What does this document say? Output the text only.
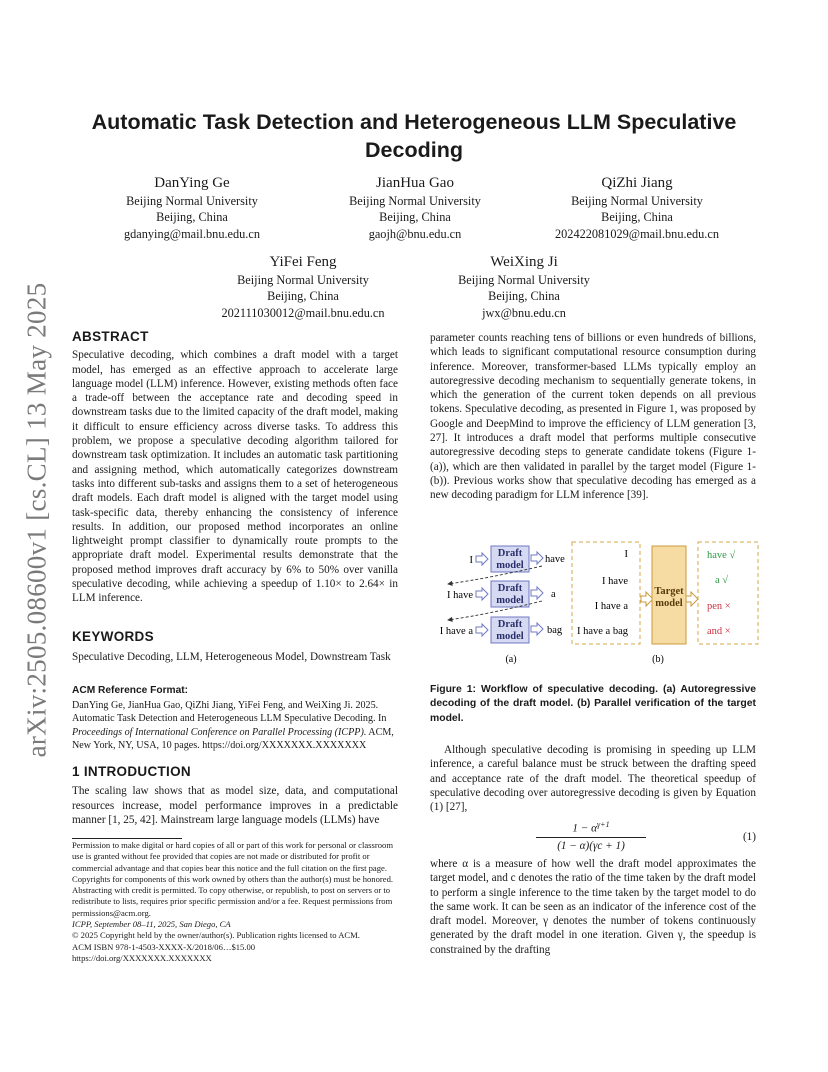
arXiv:2505.08600v1 [cs.CL] 13 May 2025
Automatic Task Detection and Heterogeneous LLM Speculative Decoding
DanYing Ge
Beijing Normal University
Beijing, China
gdanying@mail.bnu.edu.cn
JianHua Gao
Beijing Normal University
Beijing, China
gaojh@bnu.edu.cn
QiZhi Jiang
Beijing Normal University
Beijing, China
202422081029@mail.bnu.edu.cn
YiFei Feng
Beijing Normal University
Beijing, China
202111030012@mail.bnu.edu.cn
WeiXing Ji
Beijing Normal University
Beijing, China
jwx@bnu.edu.cn
ABSTRACT

Speculative decoding, which combines a draft model with a target model, has emerged as an effective approach to accelerate large language model (LLM) inference. However, existing methods often face a trade-off between the acceptance rate and decoding speed in downstream tasks due to the limited capacity of the draft model, making it difficult to ensure efficiency across diverse tasks. To address this problem, we propose a speculative decoding algorithm tailored for downstream task optimization. It includes an automatic task partitioning and assigning method, which automatically categorizes downstream tasks into different sub-tasks and assigns them to a set of heterogeneous draft models. Each draft model is aligned with the target model using task-specific data, thereby enhancing the consistency of inference results. In addition, our proposed method incorporates an online lightweight prompt classifier to dynamically route prompts to the appropriate draft model. Experimental results demonstrate that the proposed method improves draft accuracy by 6% to 50% over vanilla speculative decoding, while achieving a speedup of 1.10× to 2.64× in LLM inference.

KEYWORDS

Speculative Decoding, LLM, Heterogeneous Model, Downstream Task

ACM Reference Format:

DanYing Ge, JianHua Gao, QiZhi Jiang, YiFei Feng, and WeiXing Ji. 2025. Automatic Task Detection and Heterogeneous LLM Speculative Decoding. In Proceedings of International Conference on Parallel Processing (ICPP). ACM, New York, NY, USA, 10 pages. https://doi.org/XXXXXXX.XXXXXXX

1 INTRODUCTION

The scaling law shows that as model size, data, and computational resources increase, model performance improves in a predictable manner [1, 25, 42]. Mainstream large language models (LLMs) have

Permission to make digital or hard copies of all or part of this work for personal or classroom use is granted without fee provided that copies are not made or distributed for profit or commercial advantage and that copies bear this notice and the full citation on the first page. Copyrights for components of this work owned by others than the author(s) must be honored. Abstracting with credit is permitted. To copy otherwise, or republish, to post on servers or to redistribute to lists, requires prior specific permission and/or a fee. Request permissions from permissions@acm.org.

ICPP, September 08–11, 2025, San Diego, CA

© 2025 Copyright held by the owner/author(s). Publication rights licensed to ACM.

ACM ISBN 978-1-4503-XXXX-X/2018/06…$15.00

https://doi.org/XXXXXXX.XXXXXXX

parameter counts reaching tens of billions or even hundreds of billions, which leads to significant computational resource consumption during inference. Moreover, transformer-based LLMs typically employ an autoregressive decoding mechanism to sequentially generate tokens, in which the generation of the current token depends on all previous tokens. Speculative decoding, as presented in Figure 1, was proposed by Google and DeepMind to improve the efficiency of LLM generation [3, 27]. It introduces a draft model that performs multiple consecutive autoregressive decoding steps to generate candidate tokens (Figure 1-(a)), which are then validated in parallel by the target model (Figure 1-(b)). Previous works show that speculative decoding has emerged as a new decoding paradigm for LLM inference [39].
Draft
model
Draft
model
Draft
model
I
I have
I have a
have
a
bag
I
I have
I have a
I have a bag
Target
model
have √
a √
pen ×
and ×
(a)	(b)
Figure 1: Workflow of speculative decoding. (a) Autoregressive decoding of the draft model. (b) Parallel verification of the target model.
Although speculative decoding is promising in speeding up LLM inference, a careful balance must be struck between the drafting speed and acceptance rate of the draft model. The theoretical speedup of speculative decoding over autoregressive decoding is given by Equation (1) [27],
$\frac{1 - \alpha^{\gamma+1}}{(1 - \alpha)(\gamma c + 1)}$	(1)
where α is a measure of how well the draft model approximates the target model, and c denotes the ratio of the time taken by the draft model to perform a single inference to the time taken by the target model to do the same work. It can be seen as an indicator of the inference cost of the draft model. Moreover, γ denotes the number of tokens continuously generated by the draft model in one iteration. Given γ, the speedup is constrained by the drafting
